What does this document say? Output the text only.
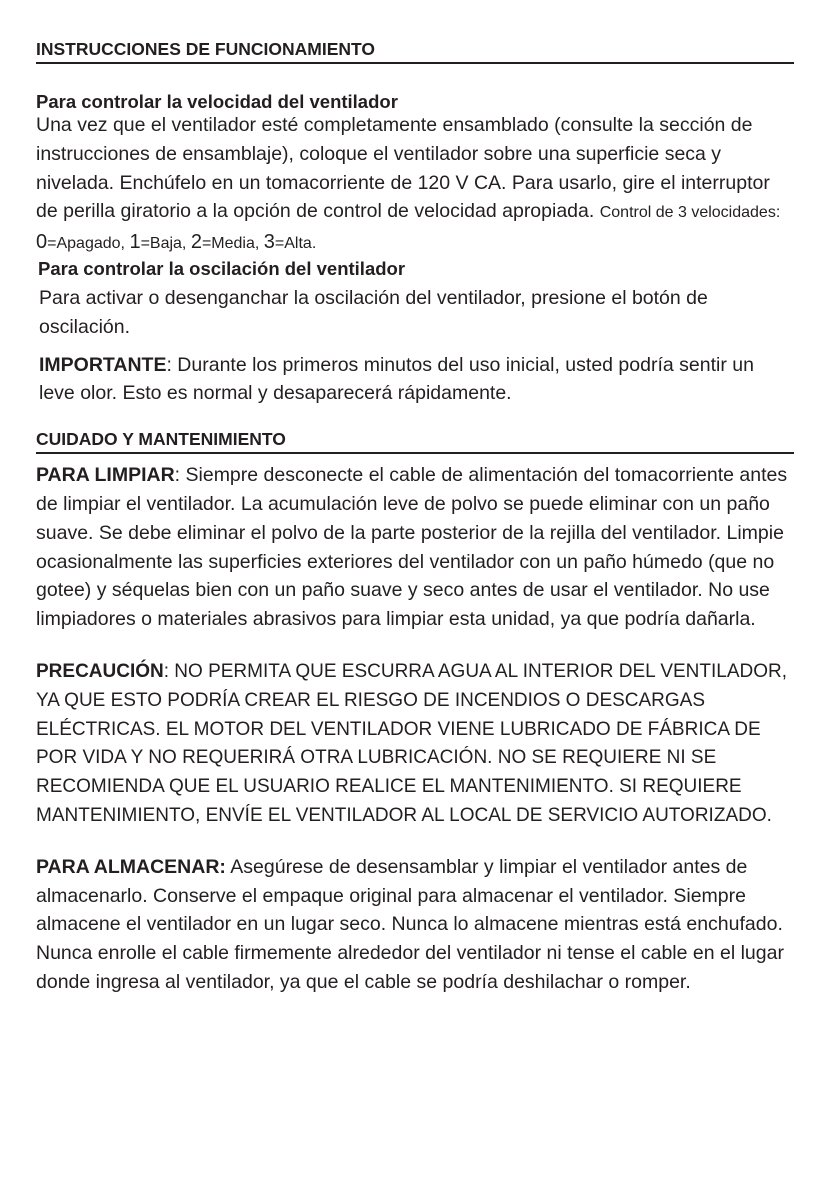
INSTRUCCIONES DE FUNCIONAMIENTO
Para controlar la velocidad del ventilador
Una vez que el ventilador esté completamente ensamblado (consulte la sección de instrucciones de ensamblaje), coloque el ventilador sobre una superficie seca y nivelada. Enchúfelo en un tomacorriente de 120 V CA. Para usarlo, gire el interruptor de perilla giratorio a la opción de control de velocidad apropiada. Control de 3 velocidades: 0=Apagado, 1=Baja, 2=Media, 3=Alta.
Para controlar la oscilación del ventilador
Para activar o desenganchar la oscilación del ventilador, presione el botón de oscilación.
IMPORTANTE: Durante los primeros minutos del uso inicial, usted podría sentir un leve olor. Esto es normal y desaparecerá rápidamente.
CUIDADO Y MANTENIMIENTO
PARA LIMPIAR: Siempre desconecte el cable de alimentación del tomacorriente antes de limpiar el ventilador. La acumulación leve de polvo se puede eliminar con un paño suave. Se debe eliminar el polvo de la parte posterior de la rejilla del ventilador. Limpie ocasionalmente las superficies exteriores del ventilador con un paño húmedo (que no gotee) y séquelas bien con un paño suave y seco antes de usar el ventilador. No use limpiadores o materiales abrasivos para limpiar esta unidad, ya que podría dañarla.
PRECAUCIÓN: NO PERMITA QUE ESCURRA AGUA AL INTERIOR DEL VENTILADOR, YA QUE ESTO PODRÍA CREAR EL RIESGO DE INCENDIOS O DESCARGAS ELÉCTRICAS. EL MOTOR DEL VENTILADOR VIENE LUBRICADO DE FÁBRICA DE POR VIDA Y NO REQUERIRÁ OTRA LUBRICACIÓN. NO SE REQUIERE NI SE RECOMIENDA QUE EL USUARIO REALICE EL MANTENIMIENTO. SI REQUIERE MANTENIMIENTO, ENVÍE EL VENTILADOR AL LOCAL DE SERVICIO AUTORIZADO.
PARA ALMACENAR: Asegúrese de desensamblar y limpiar el ventilador antes de almacenarlo. Conserve el empaque original para almacenar el ventilador. Siempre almacene el ventilador en un lugar seco. Nunca lo almacene mientras está enchufado. Nunca enrolle el cable firmemente alrededor del ventilador ni tense el cable en el lugar donde ingresa al ventilador, ya que el cable se podría deshilachar o romper.
